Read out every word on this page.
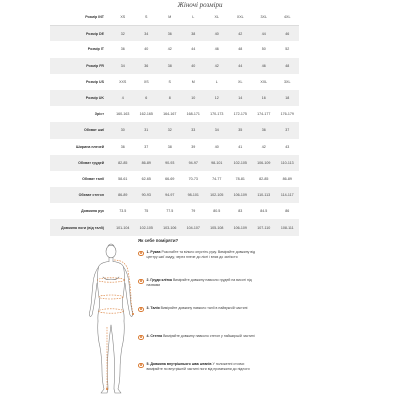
Жіночі розміри
Розмір INT	XS	S	M	L	XL	XXL	3XL	4XL
Розмір DE	32	34	36	38	40	42	44	46
Розмір IT	36	40	42	44	46	48	50	52
Розмір FR	34	36	38	40	42	44	46	48
Розмір US	XXS	XS	S	M	L	XL	XXL	3XL
Розмір UK	4	6	8	10	12	14	16	18
Зріст	160-163	162-165	164-167	168-171	170-173	172-175	174-177	176-179
Обхват шиї	30	31	32	33	34	35	36	37
Ширина плечей	36	37	38	39	40	41	42	43
Обхват грудей	82-85	86-89	90-93	94-97	98-101	102-105	106-109	110-113
Обхват талії	58-61	62-65	66-69	70-73	74-77	78-81	82-85	86-89
Обхват стегон	86-89	90-93	94-97	98-101	102-105	106-109	110-113	114-117
Довжина рук	73.5	75	77.5	79	80.5	83	84.5	86
Довжина ноги (від талії)	101-104	102-105	103-106	104-107	105-108	106-109	107-110	108-111
Як себе поміряти?
1. Рукав Розслабте та вільно опустіть руку. Виміряйте довжину від центру шиї ззаду, через плече до лікті і вниз до зап'ястя
2. Груди клітка Виміряйте довжину навколо грудей на висоті під пахвами
3. Талія Виміряйте довжину навколо талії в найвужчій частині
4. Стегна Виміряйте довжину навколо стегон у найширшій частині
5. Довжина внутрішнього шва штанів У положенні стоячи виміряйте по внутрішній частині ноги від промежини до підлоги
